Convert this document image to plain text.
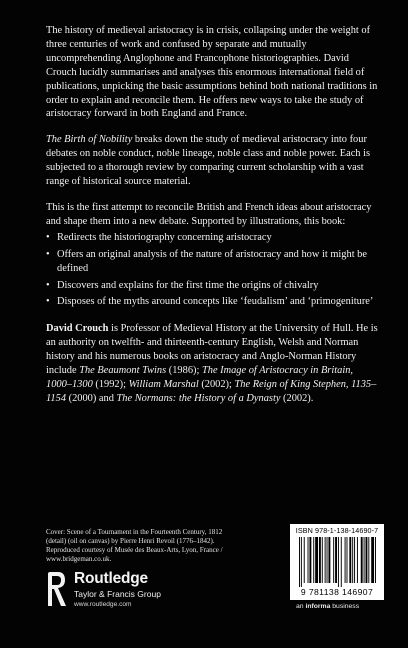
The history of medieval aristocracy is in crisis, collapsing under the weight of three centuries of work and confused by separate and mutually uncomprehending Anglophone and Francophone historiographies. David Crouch lucidly summarises and analyses this enormous international field of publications, unpicking the basic assumptions behind both national traditions in order to explain and reconcile them. He offers new ways to take the study of aristocracy forward in both England and France.

The Birth of Nobility breaks down the study of medieval aristocracy into four debates on noble conduct, noble lineage, noble class and noble power. Each is subjected to a thorough review by comparing current scholarship with a vast range of historical source material.

This is the first attempt to reconcile British and French ideas about aristocracy and shape them into a new debate. Supported by illustrations, this book:

• Redirects the historiography concerning aristocracy
• Offers an original analysis of the nature of aristocracy and how it might be defined
• Discovers and explains for the first time the origins of chivalry
• Disposes of the myths around concepts like ‘feudalism’ and ‘primogeniture’

David Crouch is Professor of Medieval History at the University of Hull. He is an authority on twelfth- and thirteenth-century English, Welsh and Norman history and his numerous books on aristocracy and Anglo-Norman History include The Beaumont Twins (1986); The Image of Aristocracy in Britain, 1000–1300 (1992); William Marshal (2002); The Reign of King Stephen, 1135–1154 (2000) and The Normans: the History of a Dynasty (2002).

Cover: Scene of a Tournament in the Fourteenth Century, 1812
(detail) (oil on canvas) by Pierre Henri Revoil (1776–1842).
Reproduced courtesy of Musée des Beaux-Arts, Lyon, France /
www.bridgeman.co.uk.
Routledge
Taylor & Francis Group
www.routledge.com
ISBN 978-1-138-14690-7
9 781138 146907
an informa business
